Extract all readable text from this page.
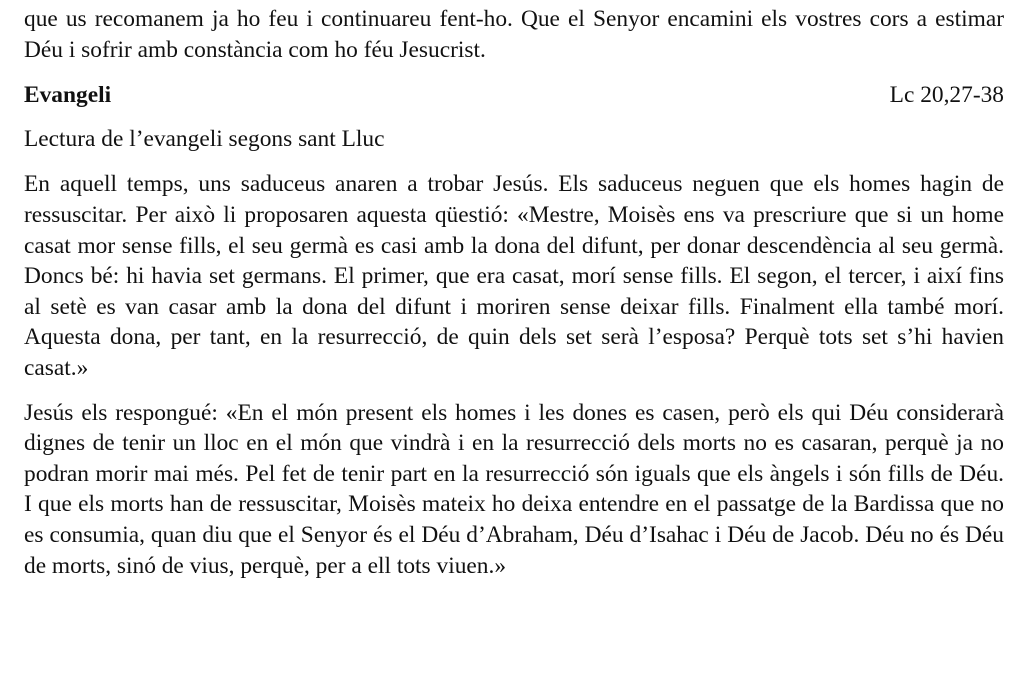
que us recomanem ja ho feu i continuareu fent-ho. Que el Senyor encamini els vostres cors a estimar Déu i sofrir amb constància com ho féu Jesucrist.

Evangeli	Lc 20,27-38
Lectura de l’evangeli segons sant Lluc

En aquell temps, uns saduceus anaren a trobar Jesús. Els saduceus neguen que els homes hagin de ressuscitar. Per això li proposaren aquesta qüestió: «Mestre, Moisès ens va prescriure que si un home casat mor sense fills, el seu germà es casi amb la dona del difunt, per donar descendència al seu germà. Doncs bé: hi havia set germans. El primer, que era casat, morí sense fills. El segon, el tercer, i així fins al setè es van casar amb la dona del difunt i moriren sense deixar fills. Finalment ella també morí. Aquesta dona, per tant, en la resurrecció, de quin dels set serà l’esposa? Perquè tots set s’hi havien casat.»

Jesús els respongué: «En el món present els homes i les dones es casen, però els qui Déu considerarà dignes de tenir un lloc en el món que vindrà i en la resurrecció dels morts no es casaran, perquè ja no podran morir mai més. Pel fet de tenir part en la resurrecció són iguals que els àngels i són fills de Déu. I que els morts han de ressuscitar, Moisès mateix ho deixa entendre en el passatge de la Bardissa que no es consumia, quan diu que el Senyor és el Déu d’Abraham, Déu d’Isahac i Déu de Jacob. Déu no és Déu de morts, sinó de vius, perquè, per a ell tots viuen.»
